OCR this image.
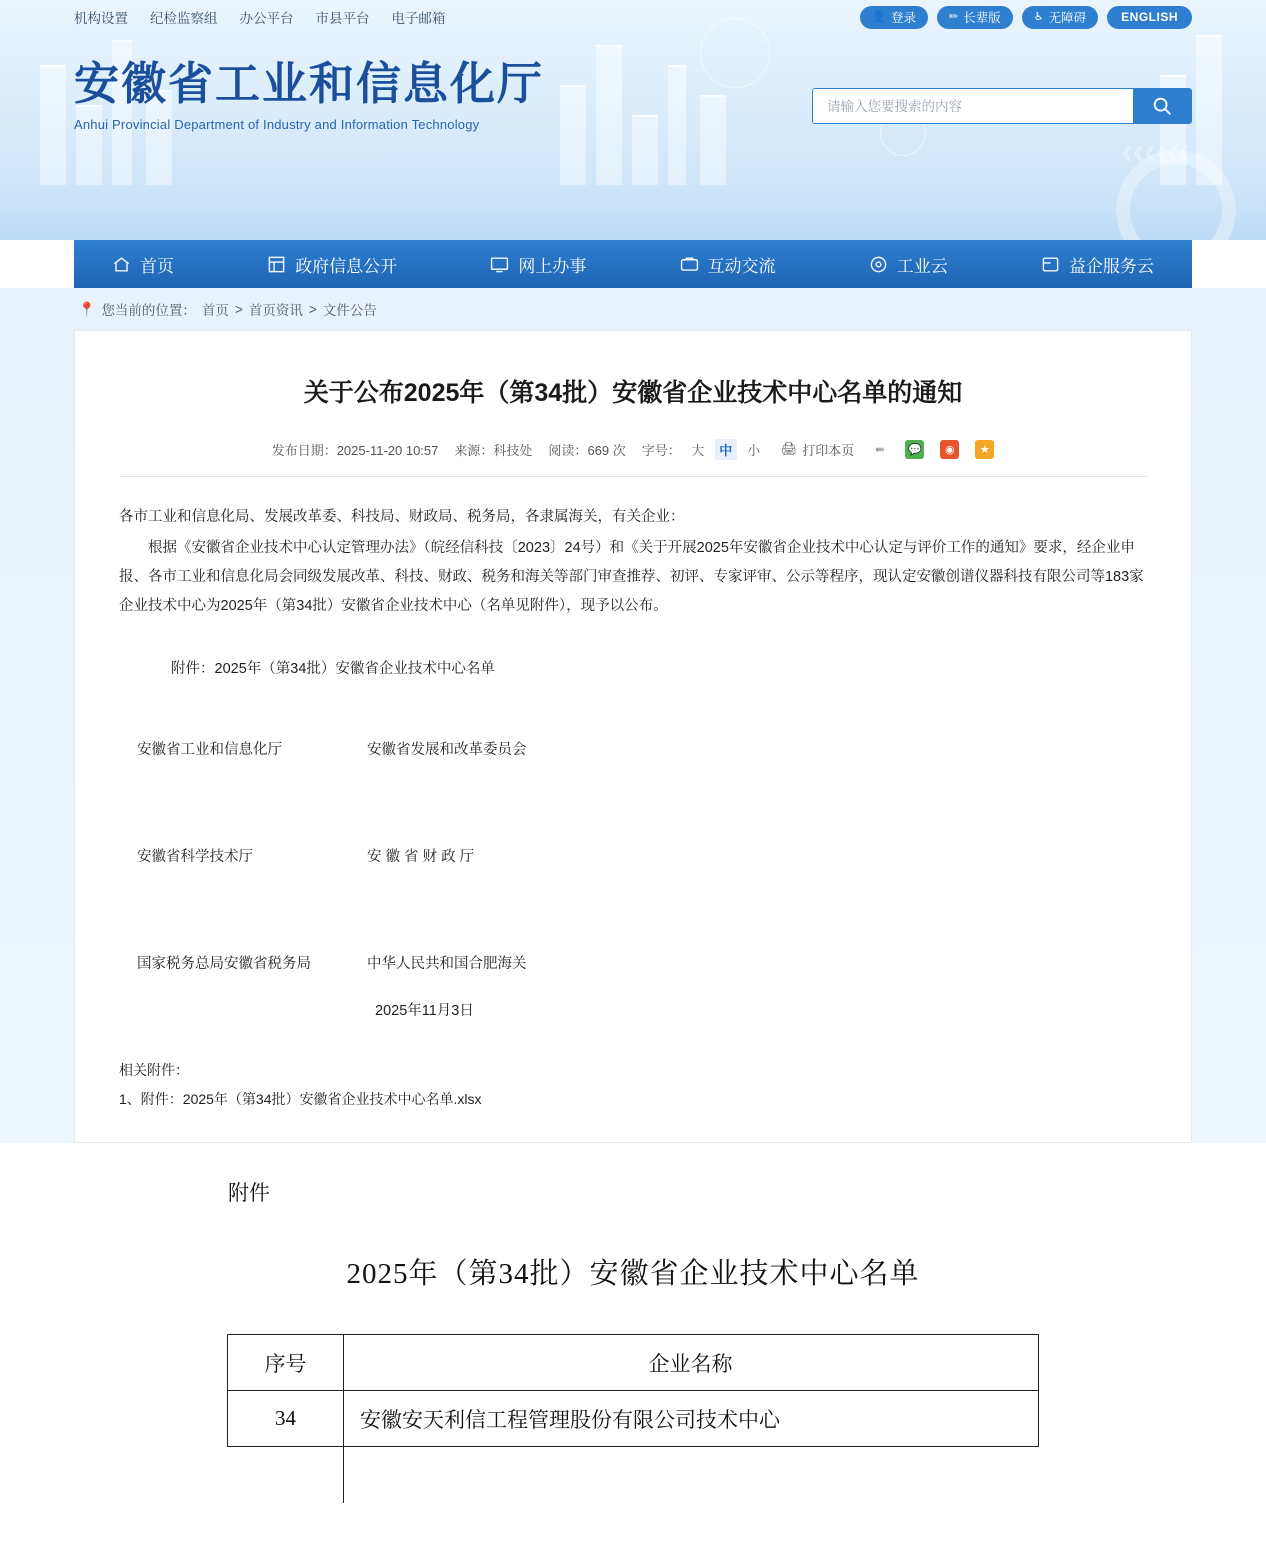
机构设置 纪检监察组 办公平台 市县平台 电子邮箱	👤 登录	✏ 长辈版	♿ 无障碍	ENGLISH
安徽省工业和信息化厅
Anhui Provincial Department of Industry and Information Technology
请输入您要搜索的内容
《《《《《《
首页	政府信息公开	网上办事	互动交流	工业云	益企服务云
📍 您当前的位置： 首页 > 首页资讯 > 文件公告
关于公布2025年（第34批）安徽省企业技术中心名单的通知
发布日期：2025-11-20 10:57 来源：科技处 阅读：669 次 字号： 大	中	小	🖨 打印本页	⇚	💬	◉	★

各市工业和信息化局、发展改革委、科技局、财政局、税务局，各隶属海关，有关企业：

根据《安徽省企业技术中心认定管理办法》（皖经信科技〔2023〕24号）和《关于开展2025年安徽省企业技术中心认定与评价工作的通知》要求，经企业申报、各市工业和信息化局会同级发展改革、科技、财政、税务和海关等部门审查推荐、初评、专家评审、公示等程序，现认定安徽创谱仪器科技有限公司等183家企业技术中心为2025年（第34批）安徽省企业技术中心（名单见附件），现予以公布。

附件：2025年（第34批）安徽省企业技术中心名单
安徽省工业和信息化厅	安徽省发展和改革委员会
安徽省科学技术厅	安 徽 省 财 政 厅
国家税务总局安徽省税务局	中华人民共和国合肥海关
2025年11月3日
相关附件：
1、附件：2025年（第34批）安徽省企业技术中心名单.xlsx
附件
2025年（第34批）安徽省企业技术中心名单
序号	企业名称
34	安徽安天利信工程管理股份有限公司技术中心
